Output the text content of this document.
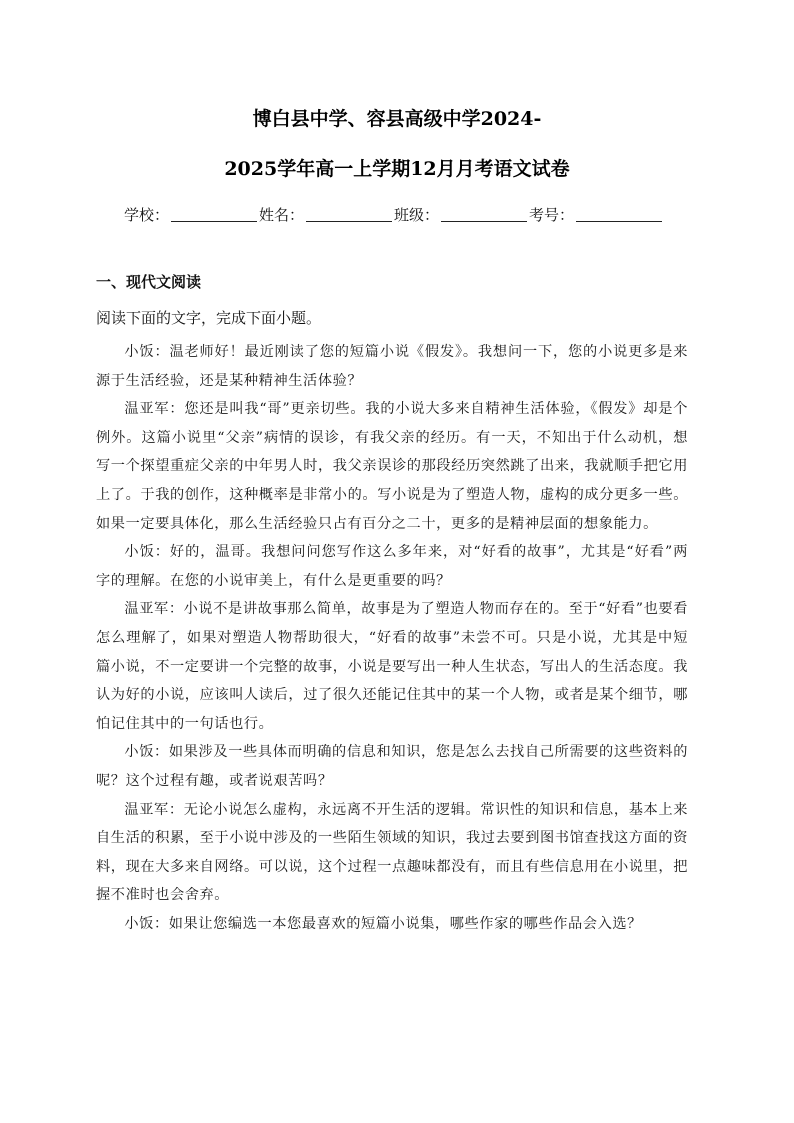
博白县中学、容县高级中学2024-
2025学年高一上学期12月月考语文试卷
学校：	姓名：	班级：	考号：
一、现代文阅读
阅读下面的文字，完成下面小题。

小饭：温老师好！最近刚读了您的短篇小说《假发》。我想问一下，您的小说更多是来源于生活经验，还是某种精神生活体验？

温亚军：您还是叫我“哥”更亲切些。我的小说大多来自精神生活体验，《假发》却是个例外。这篇小说里“父亲”病情的误诊，有我父亲的经历。有一天，不知出于什么动机，想写一个探望重症父亲的中年男人时，我父亲误诊的那段经历突然跳了出来，我就顺手把它用上了。于我的创作，这种概率是非常小的。写小说是为了塑造人物，虚构的成分更多一些。如果一定要具体化，那么生活经验只占有百分之二十，更多的是精神层面的想象能力。

小饭：好的，温哥。我想问问您写作这么多年来，对“好看的故事”，尤其是“好看”两字的理解。在您的小说审美上，有什么是更重要的吗？

温亚军：小说不是讲故事那么简单，故事是为了塑造人物而存在的。至于“好看”也要看怎么理解了，如果对塑造人物帮助很大，“好看的故事”未尝不可。只是小说，尤其是中短篇小说，不一定要讲一个完整的故事，小说是要写出一种人生状态，写出人的生活态度。我认为好的小说，应该叫人读后，过了很久还能记住其中的某一个人物，或者是某个细节，哪怕记住其中的一句话也行。

小饭：如果涉及一些具体而明确的信息和知识，您是怎么去找自己所需要的这些资料的呢？这个过程有趣，或者说艰苦吗？

温亚军：无论小说怎么虚构，永远离不开生活的逻辑。常识性的知识和信息，基本上来自生活的积累，至于小说中涉及的一些陌生领域的知识，我过去要到图书馆查找这方面的资料，现在大多来自网络。可以说，这个过程一点趣味都没有，而且有些信息用在小说里，把握不准时也会舍弃。

小饭：如果让您编选一本您最喜欢的短篇小说集，哪些作家的哪些作品会入选？
